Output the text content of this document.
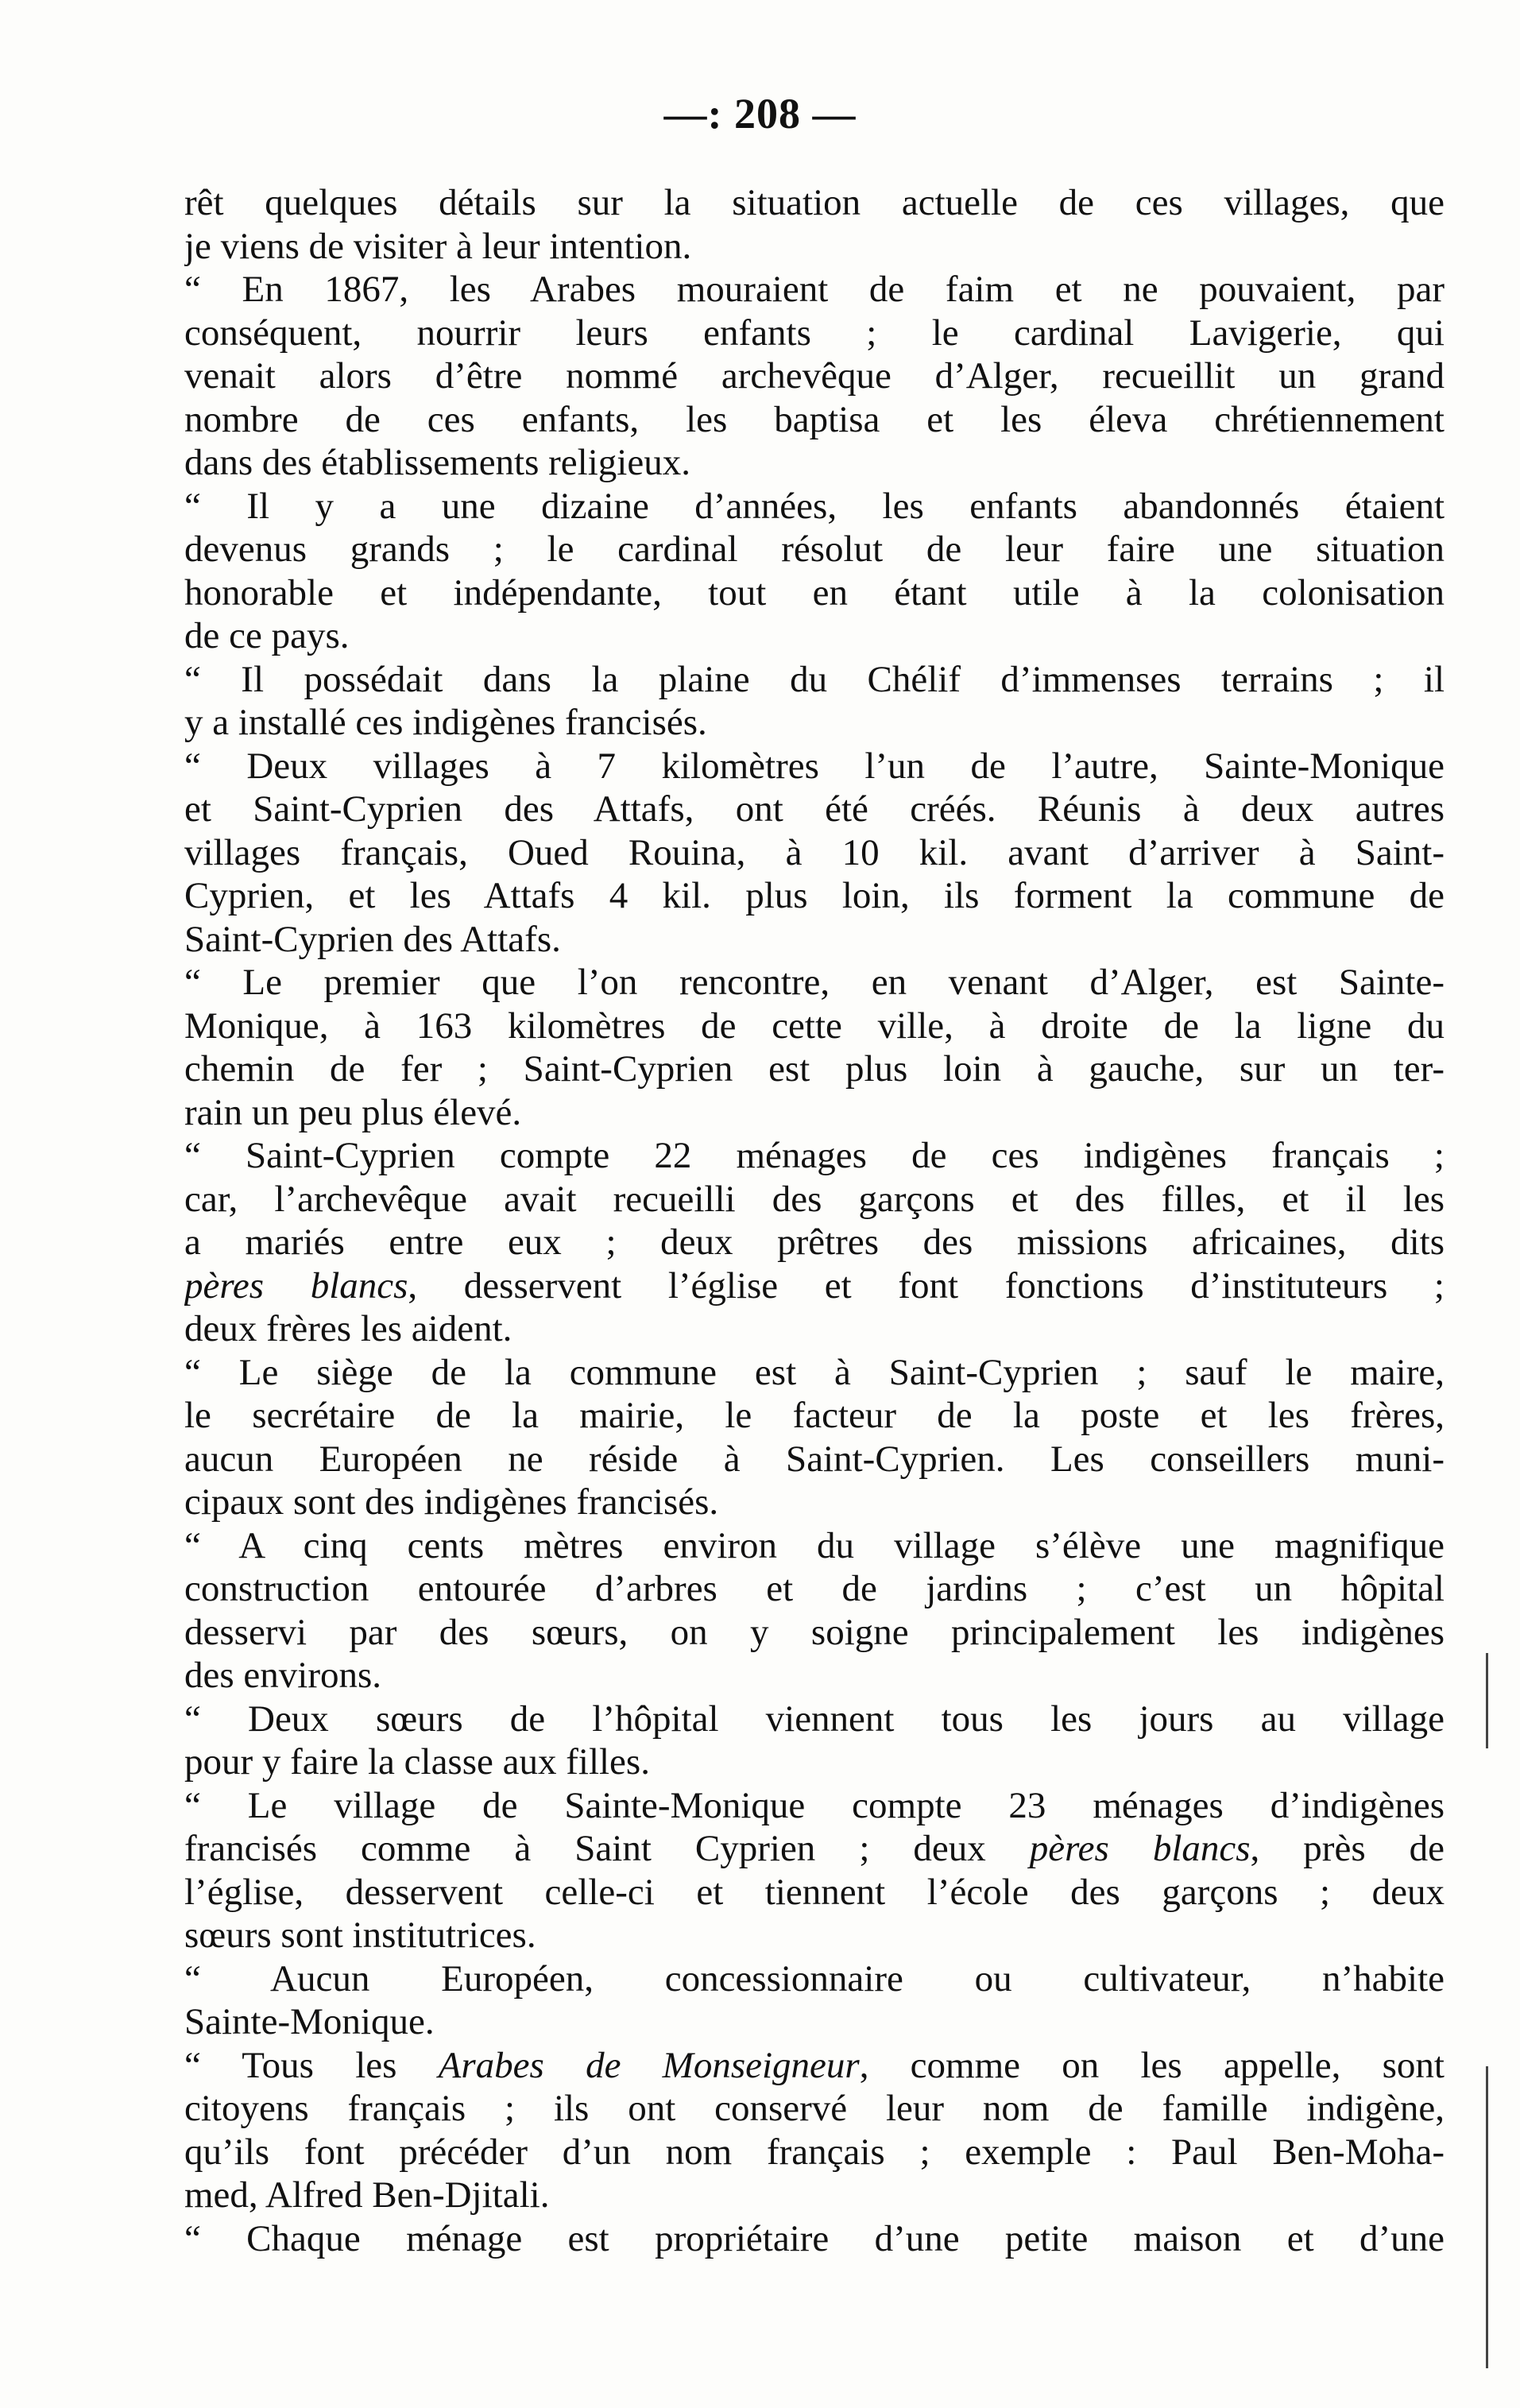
—: 208 —
rêt quelques détails sur la situation actuelle de ces villages, que
je viens de visiter à leur intention.
“ En 1867, les Arabes mouraient de faim et ne pouvaient, par
conséquent, nourrir leurs enfants ; le cardinal Lavigerie, qui
venait alors d’être nommé archevêque d’Alger, recueillit un grand
nombre de ces enfants, les baptisa et les éleva chrétiennement
dans des établissements religieux.
“ Il y a une dizaine d’années, les enfants abandonnés étaient
devenus grands ; le cardinal résolut de leur faire une situation
honorable et indépendante, tout en étant utile à la colonisation
de ce pays.
“ Il possédait dans la plaine du Chélif d’immenses terrains ; il
y a installé ces indigènes francisés.
“ Deux villages à 7 kilomètres l’un de l’autre, Sainte-Monique
et Saint-Cyprien des Attafs, ont été créés. Réunis à deux autres
villages français, Oued Rouina, à 10 kil. avant d’arriver à Saint-
Cyprien, et les Attafs 4 kil. plus loin, ils forment la commune de
Saint-Cyprien des Attafs.
“ Le premier que l’on rencontre, en venant d’Alger, est Sainte-
Monique, à 163 kilomètres de cette ville, à droite de la ligne du
chemin de fer ; Saint-Cyprien est plus loin à gauche, sur un ter-
rain un peu plus élevé.
“ Saint-Cyprien compte 22 ménages de ces indigènes français ;
car, l’archevêque avait recueilli des garçons et des filles, et il les
a mariés entre eux ; deux prêtres des missions africaines, dits
pères blancs, desservent l’église et font fonctions d’instituteurs ;
deux frères les aident.
“ Le siège de la commune est à Saint-Cyprien ; sauf le maire,
le secrétaire de la mairie, le facteur de la poste et les frères,
aucun Européen ne réside à Saint-Cyprien. Les conseillers muni-
cipaux sont des indigènes francisés.
“ A cinq cents mètres environ du village s’élève une magnifique
construction entourée d’arbres et de jardins ; c’est un hôpital
desservi par des sœurs, on y soigne principalement les indigènes
des environs.
“ Deux sœurs de l’hôpital viennent tous les jours au village
pour y faire la classe aux filles.
“ Le village de Sainte-Monique compte 23 ménages d’indigènes
francisés comme à Saint Cyprien ; deux pères blancs, près de
l’église, desservent celle-ci et tiennent l’école des garçons ; deux
sœurs sont institutrices.
“ Aucun Européen, concessionnaire ou cultivateur, n’habite
Sainte-Monique.
“ Tous les Arabes de Monseigneur, comme on les appelle, sont
citoyens français ; ils ont conservé leur nom de famille indigène,
qu’ils font précéder d’un nom français ; exemple : Paul Ben-Moha-
med, Alfred Ben-Djitali.
“ Chaque ménage est propriétaire d’une petite maison et d’une
